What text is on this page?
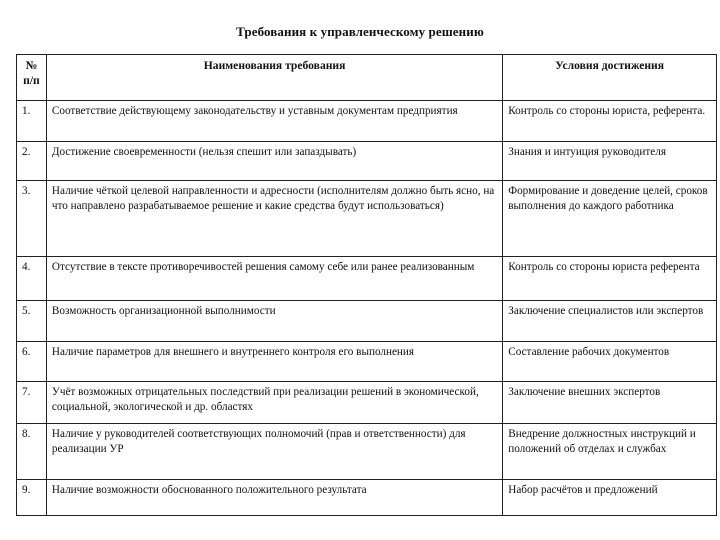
Требования к управленческому решению
№ п/п	Наименования требования	Условия достижения
1.	Соответствие действующему законодательству и уставным документам предприятия	Контроль со стороны юриста, референта.
2.	Достижение своевременности (нельзя спешит или запаздывать)	Знания и интуиция руководителя
3.	Наличие чёткой целевой направленности и адресности (исполнителям должно быть ясно, на что направлено разрабатываемое решение и какие средства будут использоваться)	Формирование и доведение целей, сроков выполнения до каждого работника
4.	Отсутствие в тексте противоречивостей решения самому себе или ранее реализованным	Контроль со стороны юриста референта
5.	Возможность организационной выполнимости	Заключение специалистов или экспертов
6.	Наличие параметров для внешнего и внутреннего контроля его выполнения	Составление рабочих документов
7.	Учёт возможных отрицательных последствий при реализации решений в экономической, социальной, экологической и др. областях	Заключение внешних экспертов
8.	Наличие у руководителей соответствующих полномочий (прав и ответственности) для реализации УР	Внедрение должностных инструкций и положений об отделах и службах
9.	Наличие возможности обоснованного положительного результата	Набор расчётов и предложений
